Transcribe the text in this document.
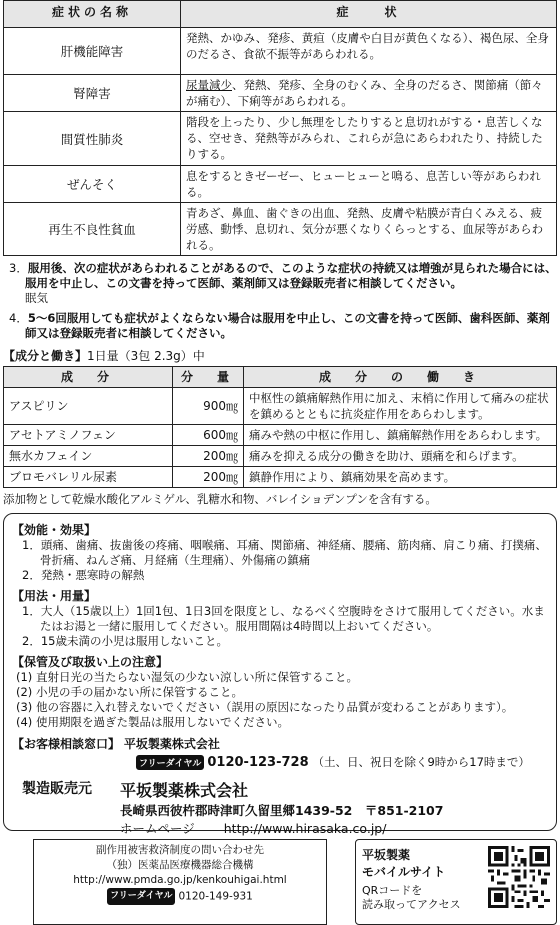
症状の名称	症　　状
肝機能障害	発熱、かゆみ、発疹、黄疸（皮膚や白目が黄色くなる）、褐色尿、全身のだるさ、食欲不振等があらわれる。
腎障害	尿量減少、発熱、発疹、全身のむくみ、全身のだるさ、関節痛（節々が痛む）、下痢等があらわれる。
間質性肺炎	階段を上ったり、少し無理をしたりすると息切れがする・息苦しくなる、空せき、発熱等がみられ、これらが急にあらわれたり、持続したりする。
ぜんそく	息をするときゼーゼー、ヒューヒューと鳴る、息苦しい等があらわれる。
再生不良性貧血	青あざ、鼻血、歯ぐきの出血、発熱、皮膚や粘膜が青白くみえる、疲労感、動悸、息切れ、気分が悪くなりくらっとする、血尿等があらわれる。
3．服用後、次の症状があらわれることがあるので、このような症状の持続又は増強が見られた場合には、服用を中止し、この文書を持って医師、薬剤師又は登録販売者に相談してください。
眠気
4．5～6回服用しても症状がよくならない場合は服用を中止し、この文書を持って医師、歯科医師、薬剤師又は登録販売者に相談してください。
【成分と働き】1日量（3包 2.3g）中
成　分	分　量	成　分　の　働　き
アスピリン	900㎎	中枢性の鎮痛解熱作用に加え、末梢に作用して痛みの症状を鎮めるとともに抗炎症作用をあらわします。
アセトアミノフェン	600㎎	痛みや熱の中枢に作用し、鎮痛解熱作用をあらわします。
無水カフェイン	200㎎	痛みを抑える成分の働きを助け、頭痛を和らげます。
ブロモバレリル尿素	200㎎	鎮静作用により、鎮痛効果を高めます。
添加物として乾燥水酸化アルミゲル、乳糖水和物、バレイショデンプンを含有する。
【効能・効果】
1．頭痛、歯痛、抜歯後の疼痛、咽喉痛、耳痛、関節痛、神経痛、腰痛、筋肉痛、肩こり痛、打撲痛、骨折痛、ねんざ痛、月経痛（生理痛）、外傷痛の鎮痛
2．発熱・悪寒時の解熱
【用法・用量】
1．大人（15歳以上）1回1包、1日3回を限度とし、なるべく空腹時をさけて服用してください。水またはお湯と一緒に服用してください。服用間隔は4時間以上おいてください。
2．15歳未満の小児は服用しないこと。
【保管及び取扱い上の注意】
(1) 直射日光の当たらない湿気の少ない涼しい所に保管すること。
(2) 小児の手の届かない所に保管すること。
(3) 他の容器に入れ替えないでください（誤用の原因になったり品質が変わることがあります）。
(4) 使用期限を過ぎた製品は服用しないでください。
【お客様相談窓口】 平坂製薬株式会社
フリーダイヤル 0120-123-728 （土、日、祝日を除く9時から17時まで）
製造販売元	平坂製薬株式会社
長崎県西彼杵郡時津町久留里郷1439-52　〒851-2107
ホームページ　　 http://www.hirasaka.co.jp/
副作用被害救済制度の問い合わせ先
（独）医薬品医療機器総合機構
http://www.pmda.go.jp/kenkouhigai.html
フリーダイヤル 0120-149-931
平坂製薬
モバイルサイト
QRコードを
読み取ってアクセス
